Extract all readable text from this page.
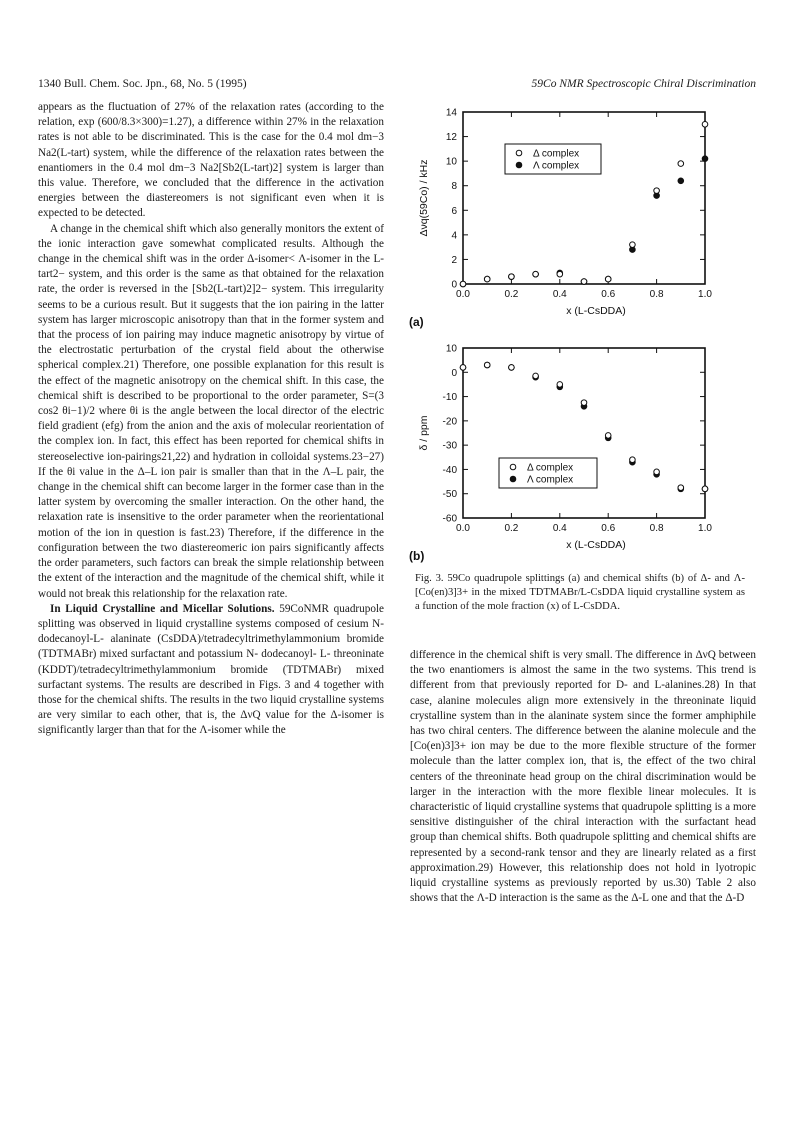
1340 Bull. Chem. Soc. Jpn., 68, No. 5 (1995)	59Co NMR Spectroscopic Chiral Discrimination

appears as the fluctuation of 27% of the relaxation rates (according to the relation, exp (600/8.3×300)=1.27), a difference within 27% in the relaxation rates is not able to be discriminated. This is the case for the 0.4 mol dm−3 Na2(L-tart) system, while the difference of the relaxation rates between the enantiomers in the 0.4 mol dm−3 Na2[Sb2(L-tart)2] system is larger than this value. Therefore, we concluded that the difference in the activation energies between the diastereomers is not significant even when it is expected to be detected.

A change in the chemical shift which also generally monitors the extent of the ionic interaction gave somewhat complicated results. Although the change in the chemical shift was in the order Δ-isomer< Λ-isomer in the L-tart2− system, and this order is the same as that obtained for the relaxation rate, the order is reversed in the [Sb2(L-tart)2]2− system. This irregularity seems to be a curious result. But it suggests that the ion pairing in the latter system has larger microscopic anisotropy than that in the former system and that the process of ion pairing may induce magnetic anisotropy by virtue of the electrostatic perturbation of the crystal field about the otherwise spherical complex.21) Therefore, one possible explanation for this result is the effect of the magnetic anisotropy on the chemical shift. In this case, the chemical shift is described to be proportional to the order parameter, S=(3 cos2 θi−1)/2 where θi is the angle between the local director of the electric field gradient (efg) from the anion and the axis of molecular reorientation of the complex ion. In fact, this effect has been reported for chemical shifts in stereoselective ion-pairings21,22) and hydration in colloidal systems.23−27) If the θi value in the Δ–L ion pair is smaller than that in the Λ–L pair, the change in the chemical shift can become larger in the former case than in the latter system by overcoming the smaller interaction. On the other hand, the relaxation rate is insensitive to the order parameter when the reorientational motion of the ion in question is fast.23) Therefore, if the difference in the configuration between the two diastereomeric ion pairs significantly affects the order parameters, such factors can break the simple relationship between the extent of the interaction and the magnitude of the chemical shift, while it would not break this relationship for the relaxation rate.

In Liquid Crystalline and Micellar Solutions. 59CoNMR quadrupole splitting was observed in liquid crystalline systems composed of cesium N-dodecanoyl-L- alaninate (CsDDA)/tetradecyltrimethylammonium bromide (TDTMABr) mixed surfactant and potassium N- dodecanoyl- L- threoninate (KDDT)/tetradecyltrimethylammonium bromide (TDTMABr) mixed surfactant systems. The results are described in Figs. 3 and 4 together with those for the chemical shifts. The results in the two liquid crystalline systems are very similar to each other, that is, the ΔνQ value for the Δ-isomer is significantly larger than that for the Λ-isomer while the

0.0	0.2	0.4	0.6	0.8	1.0
0
2
4
6
8
10
12
14
x (L-CsDDA)
Δνq(59Co) / kHz
(a)
Δ complex
Λ complex
0.0	0.2	0.4	0.6	0.8	1.0
10
0
-10
-20
-30
-40
-50
-60
x (L-CsDDA)
δ / ppm
(b)
Δ complex
Λ complex
Fig. 3. 59Co quadrupole splittings (a) and chemical shifts (b) of Δ- and Λ-[Co(en)3]3+ in the mixed TDTMABr/L-CsDDA liquid crystalline system as a function of the mole fraction (x) of L-CsDDA.

difference in the chemical shift is very small. The difference in ΔνQ between the two enantiomers is almost the same in the two systems. This trend is different from that previously reported for D- and L-alanines.28) In that case, alanine molecules align more extensively in the threoninate liquid crystalline system than in the alaninate system since the former amphiphile has two chiral centers. The difference between the alanine molecule and the [Co(en)3]3+ ion may be due to the more flexible structure of the former molecule than the latter complex ion, that is, the effect of the two chiral centers of the threoninate head group on the chiral discrimination would be larger in the interaction with the more flexible linear molecules. It is characteristic of liquid crystalline systems that quadrupole splitting is a more sensitive distinguisher of the chiral interaction with the surfactant head group than chemical shifts. Both quadrupole splitting and chemical shifts are represented by a second-rank tensor and they are linearly related as a first approximation.29) However, this relationship does not hold in lyotropic liquid crystalline systems as previously reported by us.30) Table 2 also shows that the Λ-D interaction is the same as the Δ-L one and that the Δ-D
